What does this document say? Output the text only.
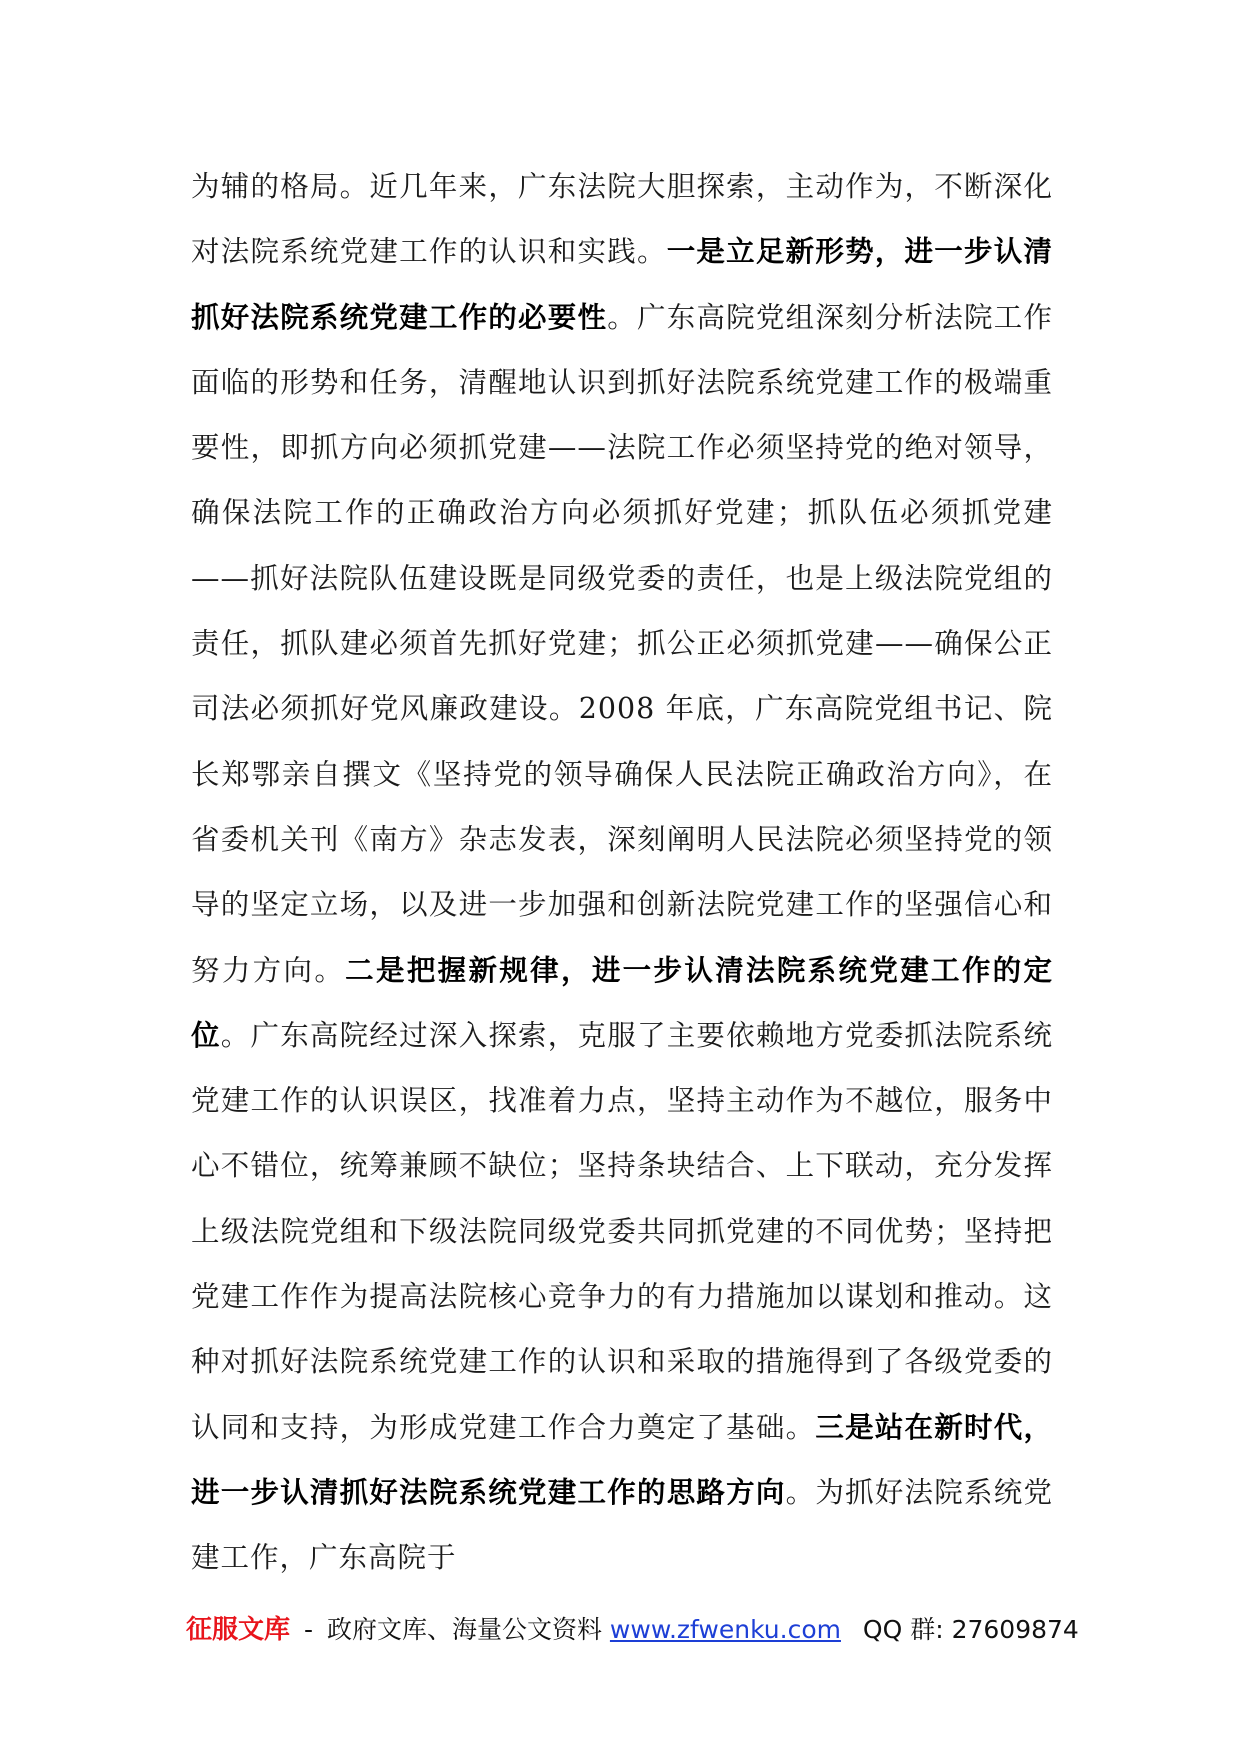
为辅的格局。近几年来，广东法院大胆探索，主动作为，不断深化对法院系统党建工作的认识和实践。一是立足新形势，进一步认清抓好法院系统党建工作的必要性。广东高院党组深刻分析法院工作面临的形势和任务，清醒地认识到抓好法院系统党建工作的极端重要性，即抓方向必须抓党建——法院工作必须坚持党的绝对领导，确保法院工作的正确政治方向必须抓好党建；抓队伍必须抓党建——抓好法院队伍建设既是同级党委的责任，也是上级法院党组的责任，抓队建必须首先抓好党建；抓公正必须抓党建——确保公正司法必须抓好党风廉政建设。2008 年底，广东高院党组书记、院长郑鄂亲自撰文《坚持党的领导确保人民法院正确政治方向》，在省委机关刊《南方》杂志发表，深刻阐明人民法院必须坚持党的领导的坚定立场，以及进一步加强和创新法院党建工作的坚强信心和努力方向。二是把握新规律，进一步认清法院系统党建工作的定位。广东高院经过深入探索，克服了主要依赖地方党委抓法院系统党建工作的认识误区，找准着力点，坚持主动作为不越位，服务中心不错位，统筹兼顾不缺位；坚持条块结合、上下联动，充分发挥上级法院党组和下级法院同级党委共同抓党建的不同优势；坚持把党建工作作为提高法院核心竞争力的有力措施加以谋划和推动。这种对抓好法院系统党建工作的认识和采取的措施得到了各级党委的认同和支持，为形成党建工作合力奠定了基础。三是站在新时代，进一步认清抓好法院系统党建工作的思路方向。为抓好法院系统党建工作，广东高院于

征服文库 - 政府文库、海量公文资料 www.zfwenku.com QQ 群: 27609874
